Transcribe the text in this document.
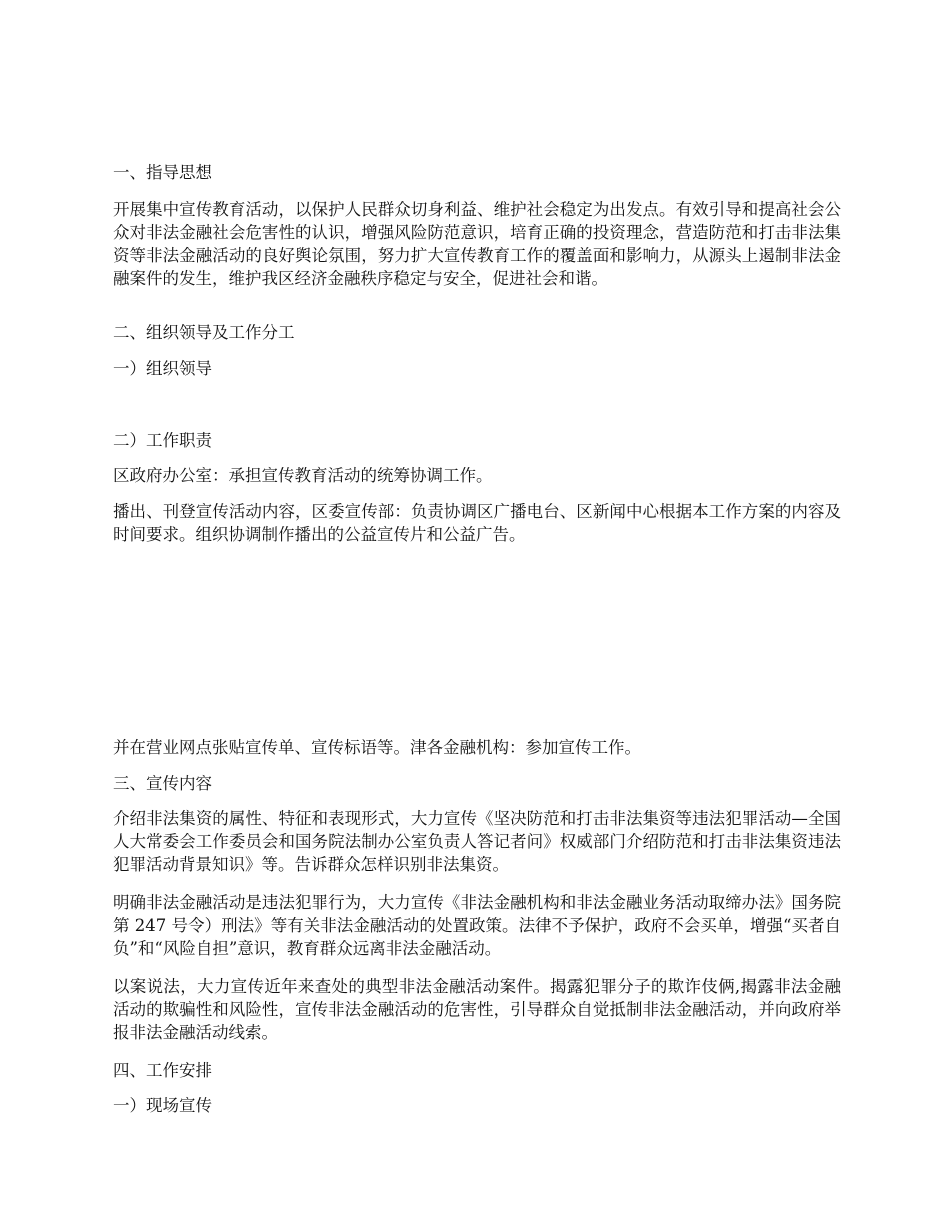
一、指导思想

开展集中宣传教育活动，以保护人民群众切身利益、维护社会稳定为出发点。有效引导和提高社会公众对非法金融社会危害性的认识，增强风险防范意识，培育正确的投资理念，营造防范和打击非法集资等非法金融活动的良好舆论氛围，努力扩大宣传教育工作的覆盖面和影响力，从源头上遏制非法金融案件的发生，维护我区经济金融秩序稳定与安全，促进社会和谐。

二、组织领导及工作分工

一）组织领导

二）工作职责

区政府办公室：承担宣传教育活动的统筹协调工作。

播出、刊登宣传活动内容，区委宣传部：负责协调区广播电台、区新闻中心根据本工作方案的内容及时间要求。组织协调制作播出的公益宣传片和公益广告。

并在营业网点张贴宣传单、宣传标语等。津各金融机构：参加宣传工作。

三、宣传内容

介绍非法集资的属性、特征和表现形式，大力宣传《坚决防范和打击非法集资等违法犯罪活动—全国人大常委会工作委员会和国务院法制办公室负责人答记者问》权威部门介绍防范和打击非法集资违法犯罪活动背景知识》等。告诉群众怎样识别非法集资。

明确非法金融活动是违法犯罪行为，大力宣传《非法金融机构和非法金融业务活动取缔办法》国务院第 247 号令）刑法》等有关非法金融活动的处置政策。法律不予保护，政府不会买单，增强“买者自负”和“风险自担”意识，教育群众远离非法金融活动。

以案说法，大力宣传近年来查处的典型非法金融活动案件。揭露犯罪分子的欺诈伎俩,揭露非法金融活动的欺骗性和风险性，宣传非法金融活动的危害性，引导群众自觉抵制非法金融活动，并向政府举报非法金融活动线索。

四、工作安排

一）现场宣传
